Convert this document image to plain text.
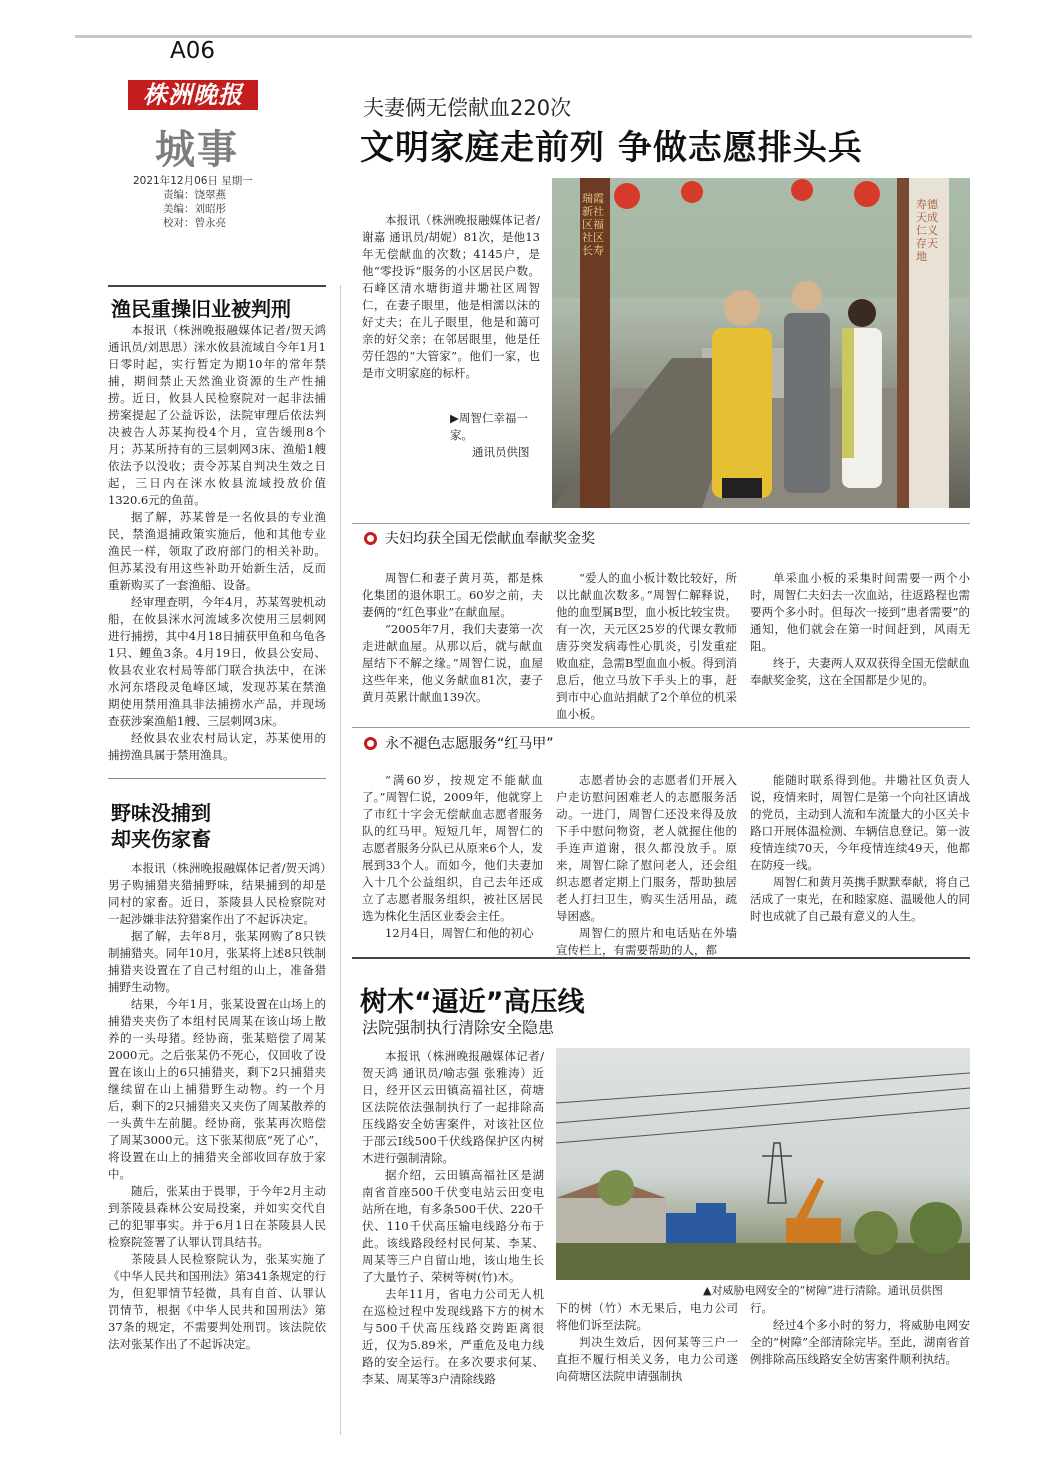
A06
株洲晚报
城事
2021年12月06日 星期一
责编：饶翠燕
美编：刘昭彤
校对：曾永亮
渔民重操旧业被判刑

本报讯（株洲晚报融媒体记者/贺天鸿 通讯员/刘思思）洣水攸县流域自今年1月1日零时起，实行暂定为期10年的常年禁捕，期间禁止天然渔业资源的生产性捕捞。近日，攸县人民检察院对一起非法捕捞案提起了公益诉讼，法院审理后依法判决被告人苏某拘役4个月，宣告缓刑8个月；苏某所持有的三层刺网3床、渔船1艘依法予以没收；责令苏某自判决生效之日起，三日内在洣水攸县流域投放价值1320.6元的鱼苗。

据了解，苏某曾是一名攸县的专业渔民，禁渔退捕政策实施后，他和其他专业渔民一样，领取了政府部门的相关补助。但苏某没有用这些补助开始新生活，反而重新购买了一套渔船、设备。

经审理查明，今年4月，苏某驾驶机动船，在攸县洣水河流域多次使用三层刺网进行捕捞，其中4月18日捕获甲鱼和乌龟各1只、鲤鱼3条。4月19日，攸县公安局、攸县农业农村局等部门联合执法中，在洣水河东塔段灵龟峰区域，发现苏某在禁渔期使用禁用渔具非法捕捞水产品，并现场查获涉案渔船1艘、三层刺网3床。

经攸县农业农村局认定，苏某使用的捕捞渔具属于禁用渔具。

野味没捕到
却夹伤家畜

本报讯（株洲晚报融媒体记者/贺天鸿）男子购捕猎夹猎捕野味，结果捕到的却是同村的家畜。近日，茶陵县人民检察院对一起涉嫌非法狩猎案作出了不起诉决定。

据了解，去年8月，张某网购了8只铁制捕猎夹。同年10月，张某将上述8只铁制捕猎夹设置在了自己村组的山上，准备猎捕野生动物。

结果，今年1月，张某设置在山场上的捕猎夹夹伤了本组村民周某在该山场上散养的一头母猪。经协商，张某赔偿了周某2000元。之后张某仍不死心，仅回收了设置在该山上的6只捕猎夹，剩下2只捕猎夹继续留在山上捕猎野生动物。约一个月后，剩下的2只捕猎夹又夹伤了周某散养的一头黄牛左前腿。经协商，张某再次赔偿了周某3000元。这下张某彻底“死了心”，将设置在山上的捕猎夹全部收回存放于家中。

随后，张某由于畏罪，于今年2月主动到茶陵县森林公安局投案，并如实交代自己的犯罪事实。并于6月1日在茶陵县人民检察院签署了认罪认罚具结书。

茶陵县人民检察院认为，张某实施了《中华人民共和国刑法》第341条规定的行为，但犯罪情节轻微，具有自首、认罪认罚情节，根据《中华人民共和国刑法》第37条的规定，不需要判处刑罚。该法院依法对张某作出了不起诉决定。

夫妻俩无偿献血220次
文明家庭走前列 争做志愿排头兵

本报讯（株洲晚报融媒体记者/谢嘉 通讯员/胡妮）81次，是他13年无偿献血的次数；4145户，是他“零投诉”服务的小区居民户数。石峰区清水塘街道井墈社区周智仁，在妻子眼里，他是相濡以沫的好丈夫；在儿子眼里，他是和蔼可亲的好父亲；在邻居眼里，他是任劳任怨的“大管家”。他们一家，也是市文明家庭的标杆。

▶周智仁幸福一家。
通讯员供图
瑞霞新社区福社区长寿
寿德天成仁义存天地
夫妇均获全国无偿献血奉献奖金奖

周智仁和妻子黄月英，都是株化集团的退休职工。60岁之前，夫妻俩的“红色事业”在献血屋。

“2005年7月，我们夫妻第一次走进献血屋。从那以后，就与献血屋结下不解之缘。”周智仁说，血屋这些年来，他义务献血81次，妻子黄月英累计献血139次。

“爱人的血小板计数比较好，所以比献血次数多。”周智仁解释说，他的血型属B型，血小板比较宝贵。有一次，天元区25岁的代课女教师唐芬突发病毒性心肌炎，引发重症败血症，急需B型血血小板。得到消息后，他立马放下手头上的事，赶到市中心血站捐献了2个单位的机采血小板。

单采血小板的采集时间需要一两个小时，周智仁夫妇去一次血站，往返路程也需要两个多小时。但每次一接到“患者需要”的通知，他们就会在第一时间赶到，风雨无阻。

终于，夫妻两人双双获得全国无偿献血奉献奖金奖，这在全国都是少见的。

永不褪色志愿服务“红马甲”

“满60岁，按规定不能献血了。”周智仁说，2009年，他就穿上了市红十字会无偿献血志愿者服务队的红马甲。短短几年，周智仁的志愿者服务分队已从原来6个人，发展到33个人。而如今，他们夫妻加入十几个公益组织，自己去年还成立了志愿者服务组织，被社区居民选为株化生活区业委会主任。

12月4日，周智仁和他的初心

志愿者协会的志愿者们开展入户走访慰问困难老人的志愿服务活动。一进门，周智仁还没来得及放下手中慰问物资，老人就握住他的手连声道谢，很久都没放手。原来，周智仁除了慰问老人，还会组织志愿者定期上门服务，帮助独居老人打扫卫生，购买生活用品，疏导困惑。

周智仁的照片和电话贴在外墙宣传栏上，有需要帮助的人，都

能随时联系得到他。井墈社区负责人说，疫情来时，周智仁是第一个向社区请战的党员，主动到人流和车流量大的小区关卡路口开展体温检测、车辆信息登记。第一波疫情连续70天，今年疫情连续49天，他都在防疫一线。

周智仁和黄月英携手默默奉献，将自己活成了一束光，在和睦家庭、温暖他人的同时也成就了自己最有意义的人生。

树木“逼近”高压线
法院强制执行清除安全隐患

本报讯（株洲晚报融媒体记者/贺天鸿 通讯员/喻志强 张雅涛）近日，经开区云田镇高福社区，荷塘区法院依法强制执行了一起排除高压线路安全妨害案件，对该社区位于邵云Ⅰ线500千伏线路保护区内树木进行强制清除。

据介绍，云田镇高福社区是湖南省首座500千伏变电站云田变电站所在地，有多条500千伏、220千伏、110千伏高压输电线路分布于此。该线路段经村民何某、李某、周某等三户自留山地，该山地生长了大量竹子、荣树等树(竹)木。

去年11月，省电力公司无人机在巡检过程中发现线路下方的树木与500千伏高压线路交跨距离很近，仅为5.89米，严重危及电力线路的安全运行。在多次要求何某、李某、周某等3户清除线路

▲对威胁电网安全的“树障”进行清除。通讯员供图

下的树（竹）木无果后，电力公司将他们诉至法院。

判决生效后，因何某等三户一直拒不履行相关义务，电力公司遂向荷塘区法院申请强制执

行。

经过4个多小时的努力，将威胁电网安全的“树障”全部清除完毕。至此，湖南省首例排除高压线路安全妨害案件顺利执结。
